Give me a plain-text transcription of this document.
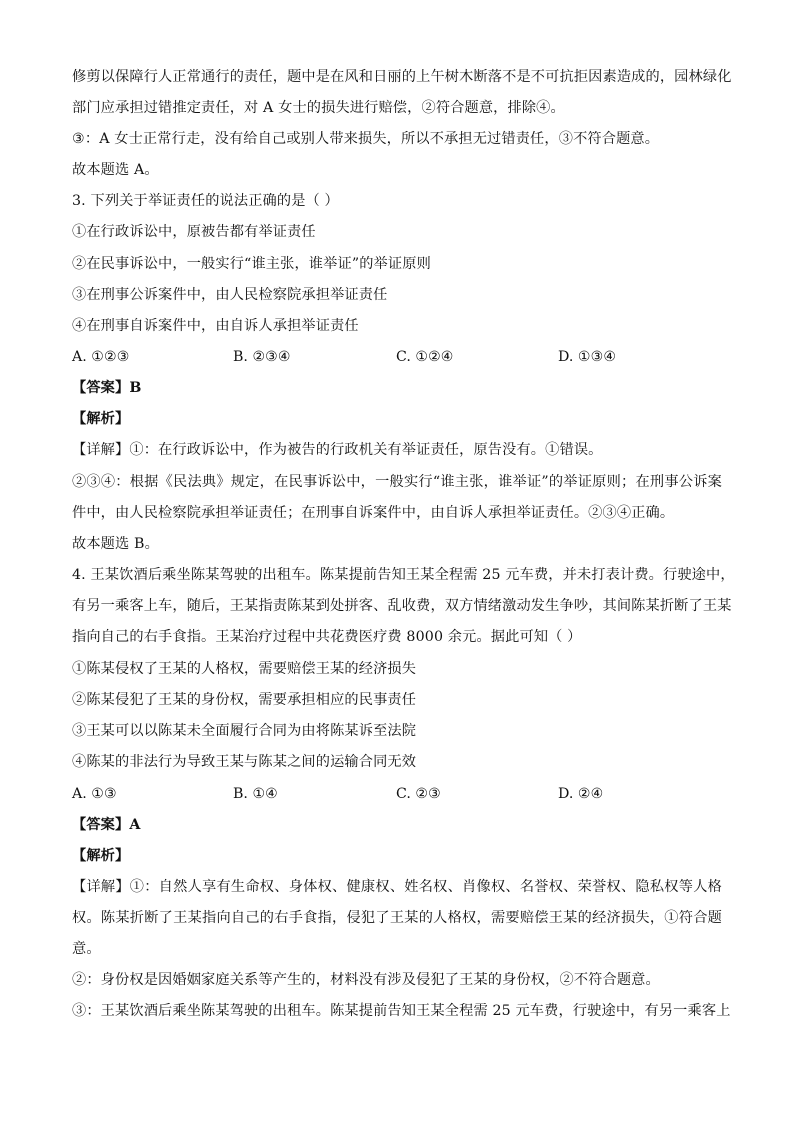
修剪以保障行人正常通行的责任，题中是在风和日丽的上午树木断落不是不可抗拒因素造成的，园林绿化
部门应承担过错推定责任，对 A 女士的损失进行赔偿，②符合题意，排除④。
③：A 女士正常行走，没有给自己或别人带来损失，所以不承担无过错责任，③不符合题意。
故本题选 A。
3. 下列关于举证责任的说法正确的是（ ）
①在行政诉讼中，原被告都有举证责任
②在民事诉讼中，一般实行“谁主张，谁举证”的举证原则
③在刑事公诉案件中，由人民检察院承担举证责任
④在刑事自诉案件中，由自诉人承担举证责任
A. ①②③	B. ②③④	C. ①②④	D. ①③④
【答案】B
【解析】
【详解】①：在行政诉讼中，作为被告的行政机关有举证责任，原告没有。①错误。
②③④：根据《民法典》规定，在民事诉讼中，一般实行“谁主张，谁举证”的举证原则；在刑事公诉案
件中，由人民检察院承担举证责任；在刑事自诉案件中，由自诉人承担举证责任。②③④正确。
故本题选 B。
4. 王某饮酒后乘坐陈某驾驶的出租车。陈某提前告知王某全程需 25 元车费，并未打表计费。行驶途中，
有另一乘客上车，随后，王某指责陈某到处拼客、乱收费，双方情绪激动发生争吵，其间陈某折断了王某
指向自己的右手食指。王某治疗过程中共花费医疗费 8000 余元。据此可知（ ）
①陈某侵权了王某的人格权，需要赔偿王某的经济损失
②陈某侵犯了王某的身份权，需要承担相应的民事责任
③王某可以以陈某未全面履行合同为由将陈某诉至法院
④陈某的非法行为导致王某与陈某之间的运输合同无效
A. ①③	B. ①④	C. ②③	D. ②④
【答案】A
【解析】
【详解】①：自然人享有生命权、身体权、健康权、姓名权、肖像权、名誉权、荣誉权、隐私权等人格
权。陈某折断了王某指向自己的右手食指，侵犯了王某的人格权，需要赔偿王某的经济损失，①符合题
意。
②：身份权是因婚姻家庭关系等产生的，材料没有涉及侵犯了王某的身份权，②不符合题意。
③：王某饮酒后乘坐陈某驾驶的出租车。陈某提前告知王某全程需 25 元车费，行驶途中，有另一乘客上
